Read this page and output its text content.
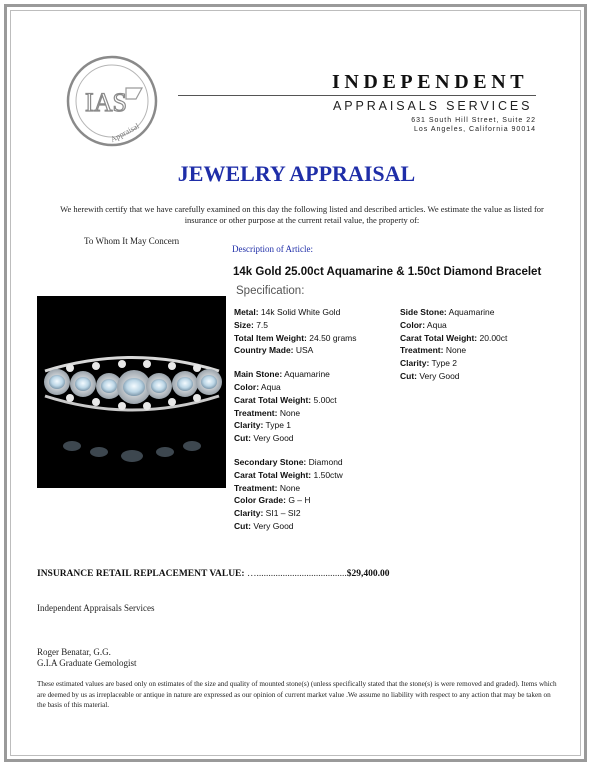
IAS
Appraisal
INDEPENDENT
APPRAISALS SERVICES
631 South Hill Street, Suite 22
Los Angeles, California 90014
JEWELRY APPRAISAL
We herewith certify that we have carefully examined on this day the following listed and described articles. We estimate the value as listed for insurance or other purpose at the current retail value, the property of:
To Whom It May Concern
Description of Article:
14k Gold 25.00ct Aquamarine & 1.50ct Diamond Bracelet
Specification:
Metal: 14k Solid White Gold
Size: 7.5
Total Item Weight: 24.50 grams
Country Made: USA
Main Stone: Aquamarine
Color: Aqua
Carat Total Weight: 5.00ct
Treatment: None
Clarity: Type 1
Cut: Very Good
Secondary Stone: Diamond
Carat Total Weight: 1.50ctw
Treatment: None
Color Grade: G – H
Clarity: SI1 – SI2
Cut: Very Good
Side Stone: Aquamarine
Color: Aqua
Carat Total Weight: 20.00ct
Treatment: None
Clarity: Type 2
Cut: Very Good
INSURANCE RETAIL REPLACEMENT VALUE: …......................................$29,400.00
Independent Appraisals Services
Roger Benatar, G.G.
G.I.A Graduate Gemologist
These estimated values are based only on estimates of the size and quality of mounted stone(s) (unless specifically stated that the stone(s) is were removed and graded). Items which are deemed by us as irreplaceable or antique in nature are expressed as our opinion of current market value .We assume no liability with respect to any action that may be taken on the basis of this material.
